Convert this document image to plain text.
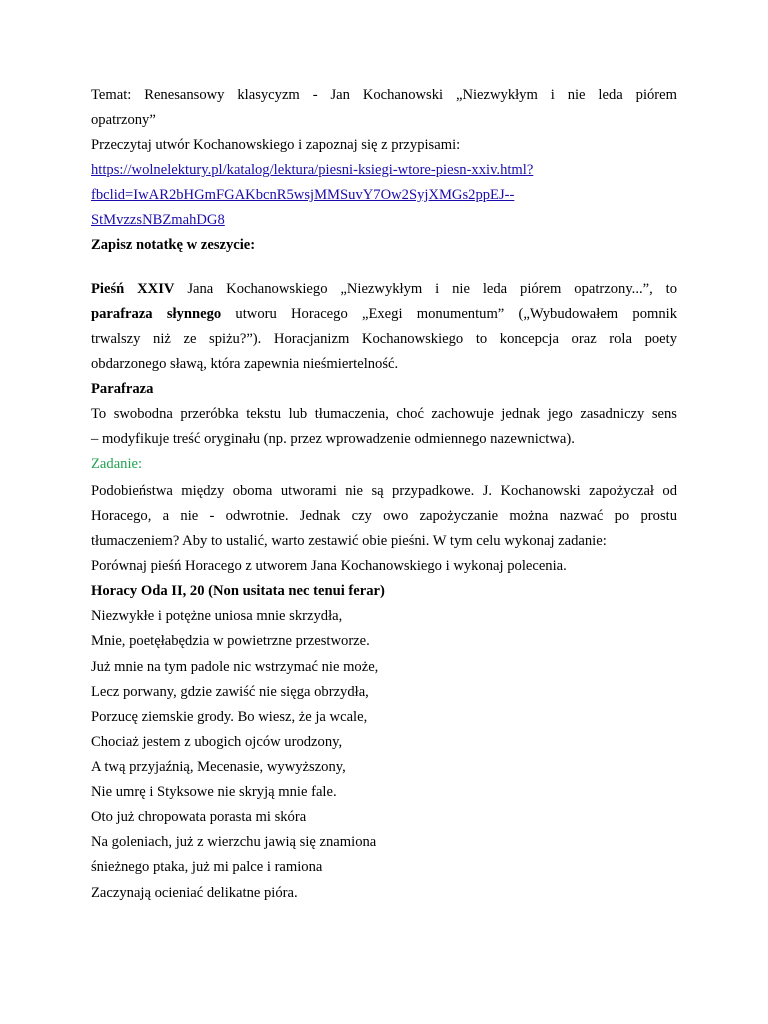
Temat: Renesansowy klasycyzm - Jan Kochanowski „Niezwykłym i nie leda piórem
opatrzony”
Przeczytaj utwór Kochanowskiego i zapoznaj się z przypisami:
https://wolnelektury.pl/katalog/lektura/piesni-ksiegi-wtore-piesn-xxiv.html?
fbclid=IwAR2bHGmFGAKbcnR5wsjMMSuvY7Ow2SyjXMGs2ppEJ--
StMvzzsNBZmahDG8
Zapisz notatkę w zeszycie:
Pieśń XXIV Jana Kochanowskiego „Niezwykłym i nie leda piórem opatrzony...”, to
parafraza słynnego utworu Horacego „Exegi monumentum” („Wybudowałem pomnik
trwalszy niż ze spiżu?”). Horacjanizm Kochanowskiego to koncepcja oraz rola poety
obdarzonego sławą, która zapewnia nieśmiertelność.
Parafraza
To swobodna przeróbka tekstu lub tłumaczenia, choć zachowuje jednak jego zasadniczy sens
– modyfikuje treść oryginału (np. przez wprowadzenie odmiennego nazewnictwa).
Zadanie:
Podobieństwa między oboma utworami nie są przypadkowe. J. Kochanowski zapożyczał od
Horacego, a nie - odwrotnie. Jednak czy owo zapożyczanie można nazwać po prostu
tłumaczeniem? Aby to ustalić, warto zestawić obie pieśni. W tym celu wykonaj zadanie:
Porównaj pieśń Horacego z utworem Jana Kochanowskiego i wykonaj polecenia.
Horacy Oda II, 20 (Non usitata nec tenui ferar)
Niezwykłe i potężne uniosa mnie skrzydła,
Mnie, poetęłabędzia w powietrzne przestworze.
Już mnie na tym padole nic wstrzymać nie może,
Lecz porwany, gdzie zawiść nie sięga obrzydła,
Porzucę ziemskie grody. Bo wiesz, że ja wcale,
Chociaż jestem z ubogich ojców urodzony,
A twą przyjaźnią, Mecenasie, wywyższony,
Nie umrę i Styksowe nie skryją mnie fale.
Oto już chropowata porasta mi skóra
Na goleniach, już z wierzchu jawią się znamiona
śnieżnego ptaka, już mi palce i ramiona
Zaczynają ocieniać delikatne pióra.
